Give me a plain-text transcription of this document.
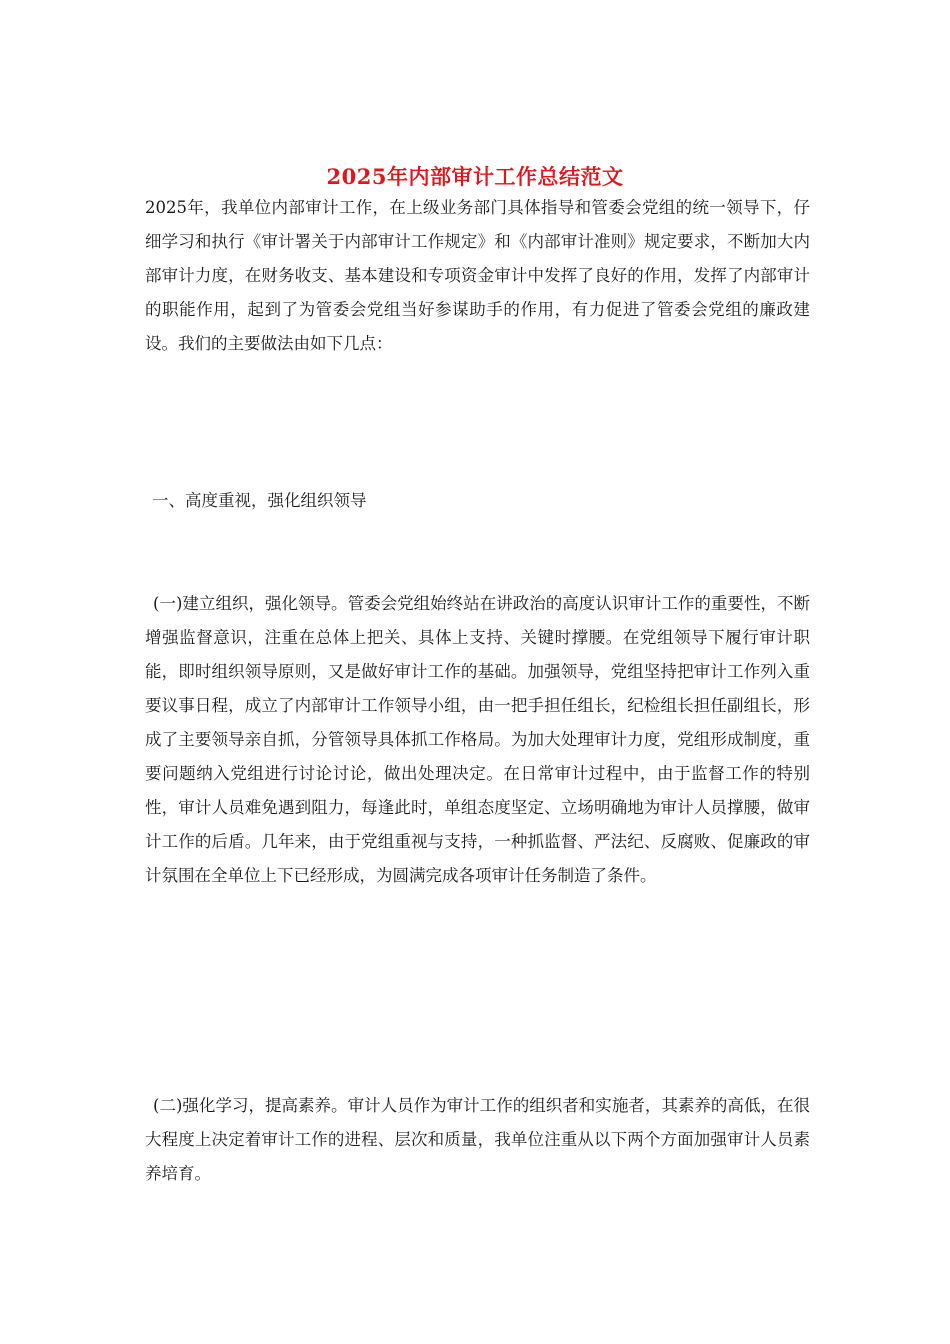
2025年内部审计工作总结范文

2025年，我单位内部审计工作，在上级业务部门具体指导和管委会党组的统一领导下，仔细学习和执行《审计署关于内部审计工作规定》和《内部审计准则》规定要求，不断加大内部审计力度，在财务收支、基本建设和专项资金审计中发挥了良好的作用，发挥了内部审计的职能作用，起到了为管委会党组当好参谋助手的作用，有力促进了管委会党组的廉政建设。我们的主要做法由如下几点：

一、高度重视，强化组织领导

(一)建立组织，强化领导。管委会党组始终站在讲政治的高度认识审计工作的重要性，不断增强监督意识，注重在总体上把关、具体上支持、关键时撑腰。在党组领导下履行审计职能，即时组织领导原则，又是做好审计工作的基础。加强领导，党组坚持把审计工作列入重要议事日程，成立了内部审计工作领导小组，由一把手担任组长，纪检组长担任副组长，形成了主要领导亲自抓，分管领导具体抓工作格局。为加大处理审计力度，党组形成制度，重要问题纳入党组进行讨论讨论，做出处理决定。在日常审计过程中，由于监督工作的特别性，审计人员难免遇到阻力，每逢此时，单组态度坚定、立场明确地为审计人员撑腰，做审计工作的后盾。几年来，由于党组重视与支持，一种抓监督、严法纪、反腐败、促廉政的审计氛围在全单位上下已经形成，为圆满完成各项审计任务制造了条件。

(二)强化学习，提高素养。审计人员作为审计工作的组织者和实施者，其素养的高低，在很大程度上决定着审计工作的进程、层次和质量，我单位注重从以下两个方面加强审计人员素养培育。
